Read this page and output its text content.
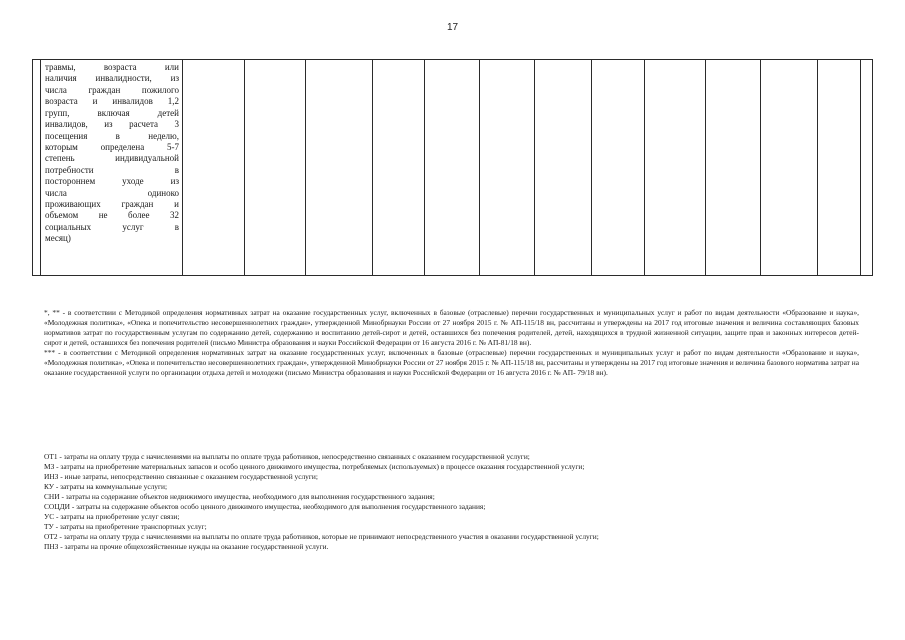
17

травмы, возраста или
наличия инвалидности, из
числа граждан пожилого
возраста и инвалидов 1,2
групп, включая детей
инвалидов, из расчета 3
посещения в неделю,
которым определена 5-7
степень индивидуальной
потребности в
постороннем уходе из
числа одиноко
проживающих граждан и
объемом не более 32
социальных услуг в
месяц)

*, ** - в соответствии с Методикой определения нормативных затрат на оказание государственных услуг, включенных в базовые (отраслевые) перечни государственных и муниципальных услуг и работ по видам деятельности «Образование и наука», «Молодежная политика», «Опека и попечительство несовершеннолетних граждан», утвержденной Минобрнауки России от 27 ноября 2015 г. № АП-115/18 вн, рассчитаны и утверждены на 2017 год итоговые значения и величина составляющих базовых нормативов затрат по государственным услугам по содержанию детей, содержанию и воспитанию детей-сирот и детей, оставшихся без попечения родителей, детей, находящихся в трудной жизненной ситуации, защите прав и законных интересов детей-сирот и детей, оставшихся без попечения родителей (письмо Министра образования и науки Российской Федерации от 16 августа 2016 г. № АП-81/18 вн).

*** - в соответствии с Методикой определения нормативных затрат на оказание государственных услуг, включенных в базовые (отраслевые) перечни государственных и муниципальных услуг и работ по видам деятельности «Образование и наука», «Молодежная политика», «Опека и попечительство несовершеннолетних граждан», утвержденной Минобрнауки России от 27 ноября 2015 г. № АП-115/18 вн, рассчитаны и утверждены на 2017 год итоговые значения и величина базового норматива затрат на оказание государственной услуги по организации отдыха детей и молодежи (письмо Министра образования и науки Российской Федерации от 16 августа 2016 г. № АП- 79/18 вн).

ОТ1 - затраты на оплату труда с начислениями на выплаты по оплате труда работников, непосредственно связанных с оказанием государственной услуги;
МЗ - затраты на приобретение материальных запасов и особо ценного движимого имущества, потребляемых (используемых) в процессе оказания государственной услуги;
ИНЗ - иные затраты, непосредственно связанные с оказанием государственной услуги;
КУ - затраты на коммунальные услуги;
СНИ - затраты на содержание объектов недвижимого имущества, необходимого для выполнения государственного задания;
СОЦДИ - затраты на содержание объектов особо ценного движимого имущества, необходимого для выполнения государственного задания;
УС - затраты на приобретение услуг связи;
ТУ - затраты на приобретение транспортных услуг;
ОТ2 - затраты на оплату труда с начислениями на выплаты по оплате труда работников, которые не принимают непосредственного участия в оказании государственной услуги;
ПНЗ - затраты на прочие общехозяйственные нужды на оказание государственной услуги.
